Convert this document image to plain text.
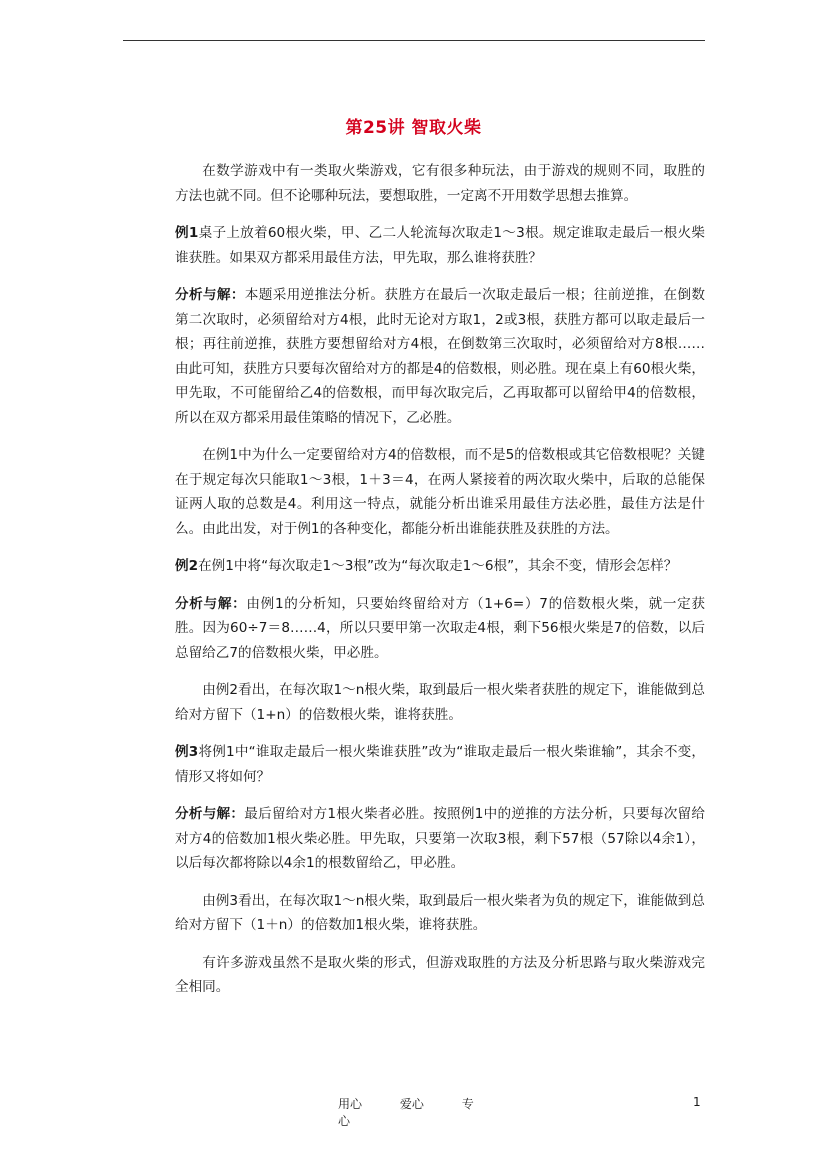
第25讲 智取火柴

在数学游戏中有一类取火柴游戏，它有很多种玩法，由于游戏的规则不同，取胜的方法也就不同。但不论哪种玩法，要想取胜，一定离不开用数学思想去推算。

例1桌子上放着60根火柴，甲、乙二人轮流每次取走1～3根。规定谁取走最后一根火柴谁获胜。如果双方都采用最佳方法，甲先取，那么谁将获胜？

分析与解：本题采用逆推法分析。获胜方在最后一次取走最后一根；往前逆推，在倒数第二次取时，必须留给对方4根，此时无论对方取1，2或3根，获胜方都可以取走最后一根；再往前逆推，获胜方要想留给对方4根，在倒数第三次取时，必须留给对方8根……由此可知，获胜方只要每次留给对方的都是4的倍数根，则必胜。现在桌上有60根火柴，甲先取，不可能留给乙4的倍数根，而甲每次取完后，乙再取都可以留给甲4的倍数根，所以在双方都采用最佳策略的情况下，乙必胜。

在例1中为什么一定要留给对方4的倍数根，而不是5的倍数根或其它倍数根呢？关键在于规定每次只能取1～3根，1＋3＝4，在两人紧接着的两次取火柴中，后取的总能保证两人取的总数是4。利用这一特点，就能分析出谁采用最佳方法必胜，最佳方法是什么。由此出发，对于例1的各种变化，都能分析出谁能获胜及获胜的方法。

例2在例1中将“每次取走1～3根”改为“每次取走1～6根”，其余不变，情形会怎样？

分析与解：由例1的分析知，只要始终留给对方（1+6=）7的倍数根火柴，就一定获胜。因为60÷7＝8……4，所以只要甲第一次取走4根，剩下56根火柴是7的倍数，以后总留给乙7的倍数根火柴，甲必胜。

由例2看出，在每次取1～n根火柴，取到最后一根火柴者获胜的规定下，谁能做到总给对方留下（1+n）的倍数根火柴，谁将获胜。

例3将例1中“谁取走最后一根火柴谁获胜”改为“谁取走最后一根火柴谁输”，其余不变，情形又将如何？

分析与解：最后留给对方1根火柴者必胜。按照例1中的逆推的方法分析，只要每次留给对方4的倍数加1根火柴必胜。甲先取，只要第一次取3根，剩下57根（57除以4余1），以后每次都将除以4余1的根数留给乙，甲必胜。

由例3看出，在每次取1～n根火柴，取到最后一根火柴者为负的规定下，谁能做到总给对方留下（1＋n）的倍数加1根火柴，谁将获胜。

有许多游戏虽然不是取火柴的形式，但游戏取胜的方法及分析思路与取火柴游戏完全相同。

用心	爱心	专心
1
